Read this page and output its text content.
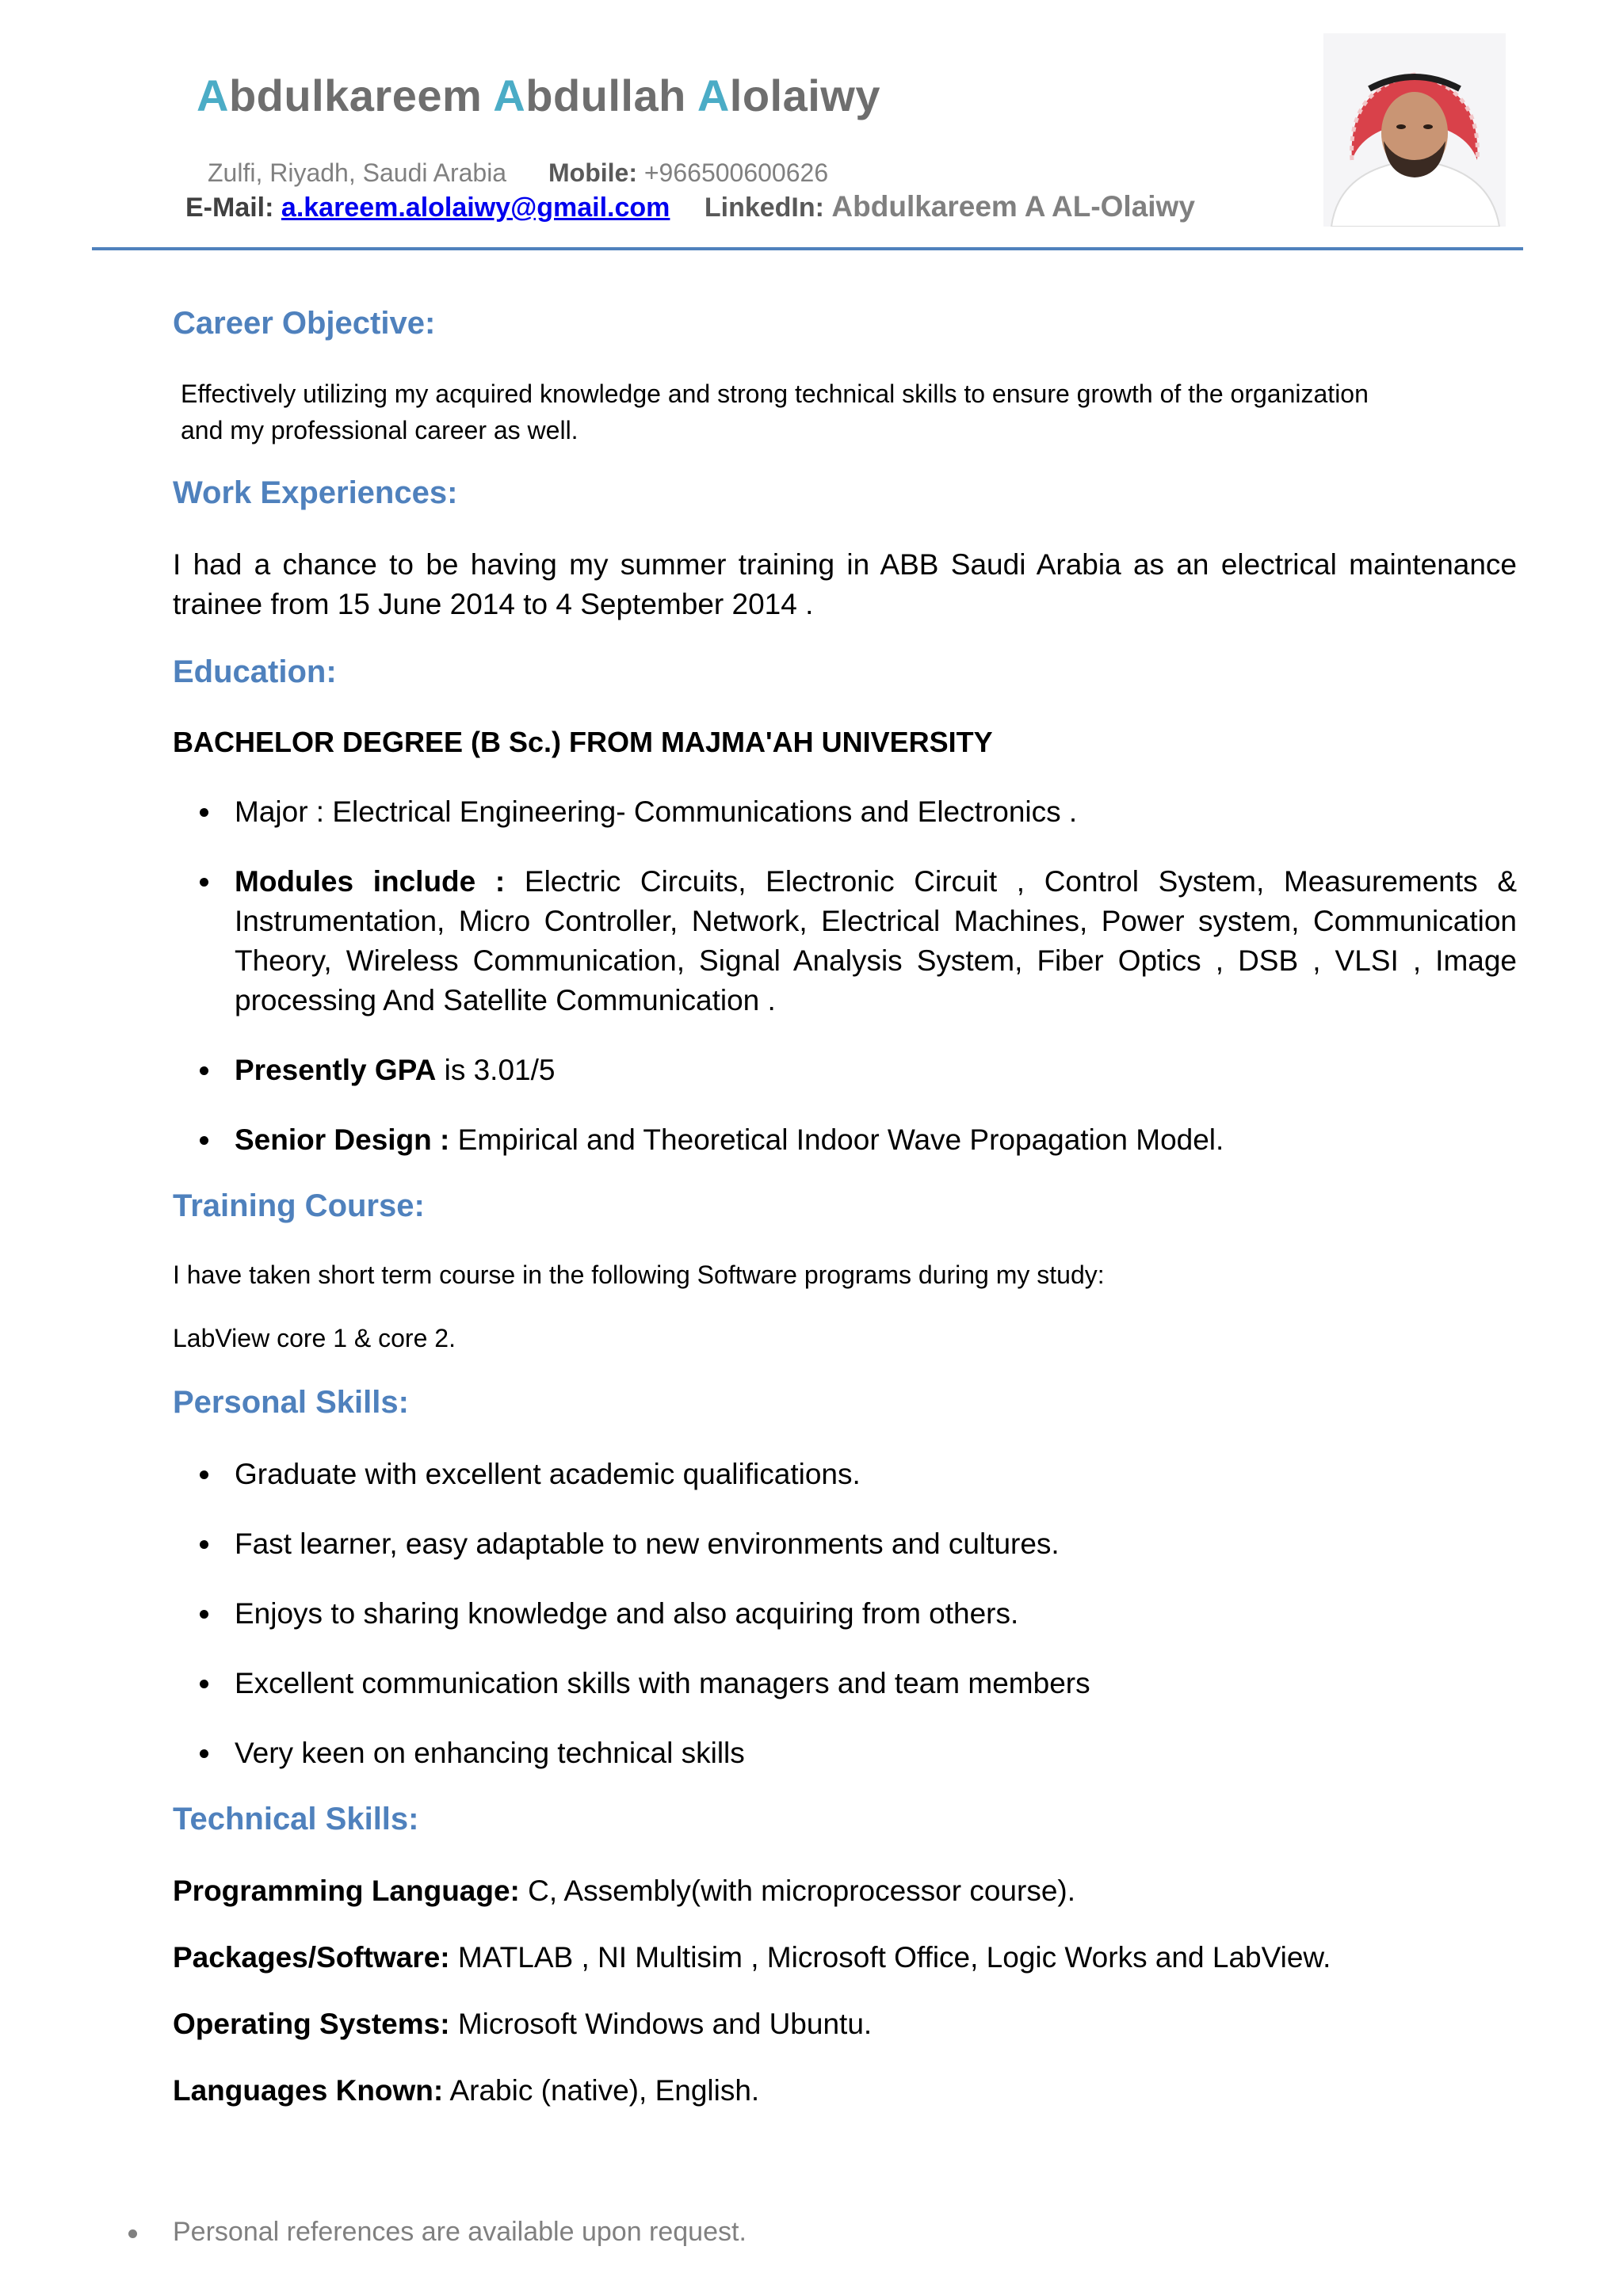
Abdulkareem Abdullah Alolaiwy
Zulfi, Riyadh, Saudi Arabia Mobile: +966500600626
E-Mail: a.kareem.alolaiwy@gmail.com LinkedIn: Abdulkareem A AL-Olaiwy
Career Objective:

Effectively utilizing my acquired knowledge and strong technical skills to ensure growth of the organization

and my professional career as well.

Work Experiences:

I had a chance to be having my summer training in ABB Saudi Arabia as an electrical maintenance trainee from 15 June 2014 to 4 September 2014 .

Education:

BACHELOR DEGREE (B Sc.) FROM MAJMA'AH UNIVERSITY

Major : Electrical Engineering- Communications and Electronics .
Modules include : Electric Circuits, Electronic Circuit , Control System, Measurements & Instrumentation, Micro Controller, Network, Electrical Machines, Power system, Communication Theory, Wireless Communication, Signal Analysis System, Fiber Optics , DSB , VLSI , Image processing And Satellite Communication .
Presently GPA is 3.01/5
Senior Design : Empirical and Theoretical Indoor Wave Propagation Model.
Training Course:

I have taken short term course in the following Software programs during my study:

LabView core 1 & core 2.

Personal Skills:
Graduate with excellent academic qualifications.
Fast learner, easy adaptable to new environments and cultures.
Enjoys to sharing knowledge and also acquiring from others.
Excellent communication skills with managers and team members
Very keen on enhancing technical skills
Technical Skills:

Programming Language: C, Assembly(with microprocessor course).

Packages/Software: MATLAB , NI Multisim , Microsoft Office, Logic Works and LabView.

Operating Systems: Microsoft Windows and Ubuntu.

Languages Known: Arabic (native), English.

Personal references are available upon request.
